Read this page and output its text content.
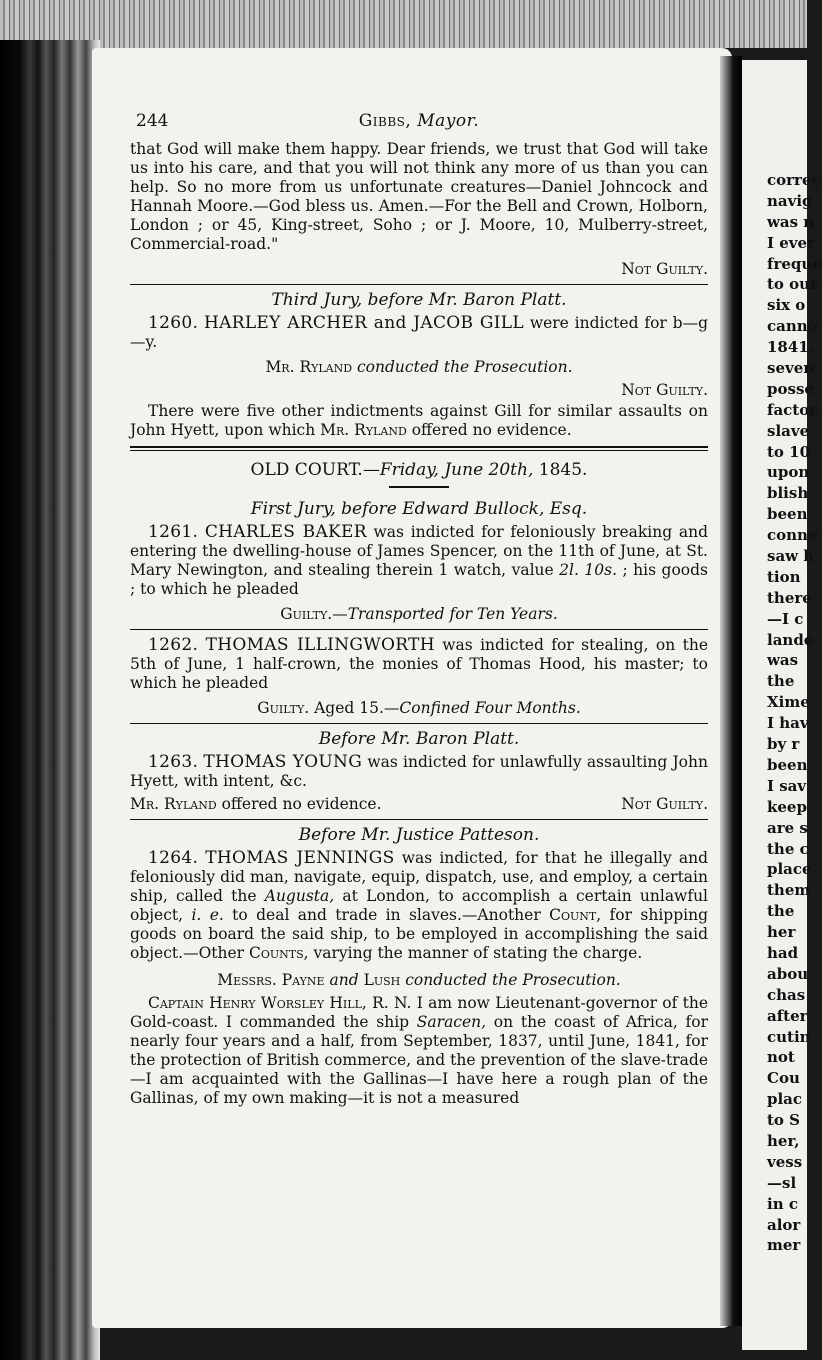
correc
navig
was n
I ever
freque
to our
six o
canno
1841,
seven
posse
factor
slave
to 10
upon
blish
been
conne
saw h
tion
there
—I c
lande
was
the
Xime
I hav
by r
been
I sav
keep
are s
the c
place
them
the
her
had
abou
chas
after
cutin
not
Cou
plac
to S
her,
vess
—sl
in c
alor
mer
244	Gibbs, Mayor.

that God will make them happy. Dear friends, we trust that God will take us into his care, and that you will not think any more of us than you can help. So no more from us unfortunate creatures—Daniel Johncock and Hannah Moore.—God bless us. Amen.—For the Bell and Crown, Holborn, London ; or 45, King-street, Soho ; or J. Moore, 10, Mulberry-street, Commercial-road."

Not Guilty.

Third Jury, before Mr. Baron Platt.

1260. HARLEY ARCHER and JACOB GILL were indicted for b—g—y.

Mr. Ryland conducted the Prosecution.

Not Guilty.

There were five other indictments against Gill for similar assaults on John Hyett, upon which Mr. Ryland offered no evidence.

OLD COURT.—Friday, June 20th, 1845.

First Jury, before Edward Bullock, Esq.

1261. CHARLES BAKER was indicted for feloniously breaking and entering the dwelling-house of James Spencer, on the 11th of June, at St. Mary Newington, and stealing therein 1 watch, value 2l. 10s. ; his goods ; to which he pleaded

Guilty.—Transported for Ten Years.

1262. THOMAS ILLINGWORTH was indicted for stealing, on the 5th of June, 1 half-crown, the monies of Thomas Hood, his master; to which he pleaded

Guilty. Aged 15.—Confined Four Months.

Before Mr. Baron Platt.

1263. THOMAS YOUNG was indicted for unlawfully assaulting John Hyett, with intent, &c.

Mr. Ryland offered no evidence.	Not Guilty.

Before Mr. Justice Patteson.

1264. THOMAS JENNINGS was indicted, for that he illegally and feloniously did man, navigate, equip, dispatch, use, and employ, a certain ship, called the Augusta, at London, to accomplish a certain unlawful object, i. e. to deal and trade in slaves.—Another Count, for shipping goods on board the said ship, to be employed in accomplishing the said object.—Other Counts, varying the manner of stating the charge.

Messrs. Payne and Lush conducted the Prosecution.

Captain Henry Worsley Hill, R. N. I am now Lieutenant-governor of the Gold-coast. I commanded the ship Saracen, on the coast of Africa, for nearly four years and a half, from September, 1837, until June, 1841, for the protection of British commerce, and the prevention of the slave-trade—I am acquainted with the Gallinas—I have here a rough plan of the Gallinas, of my own making—it is not a measured
